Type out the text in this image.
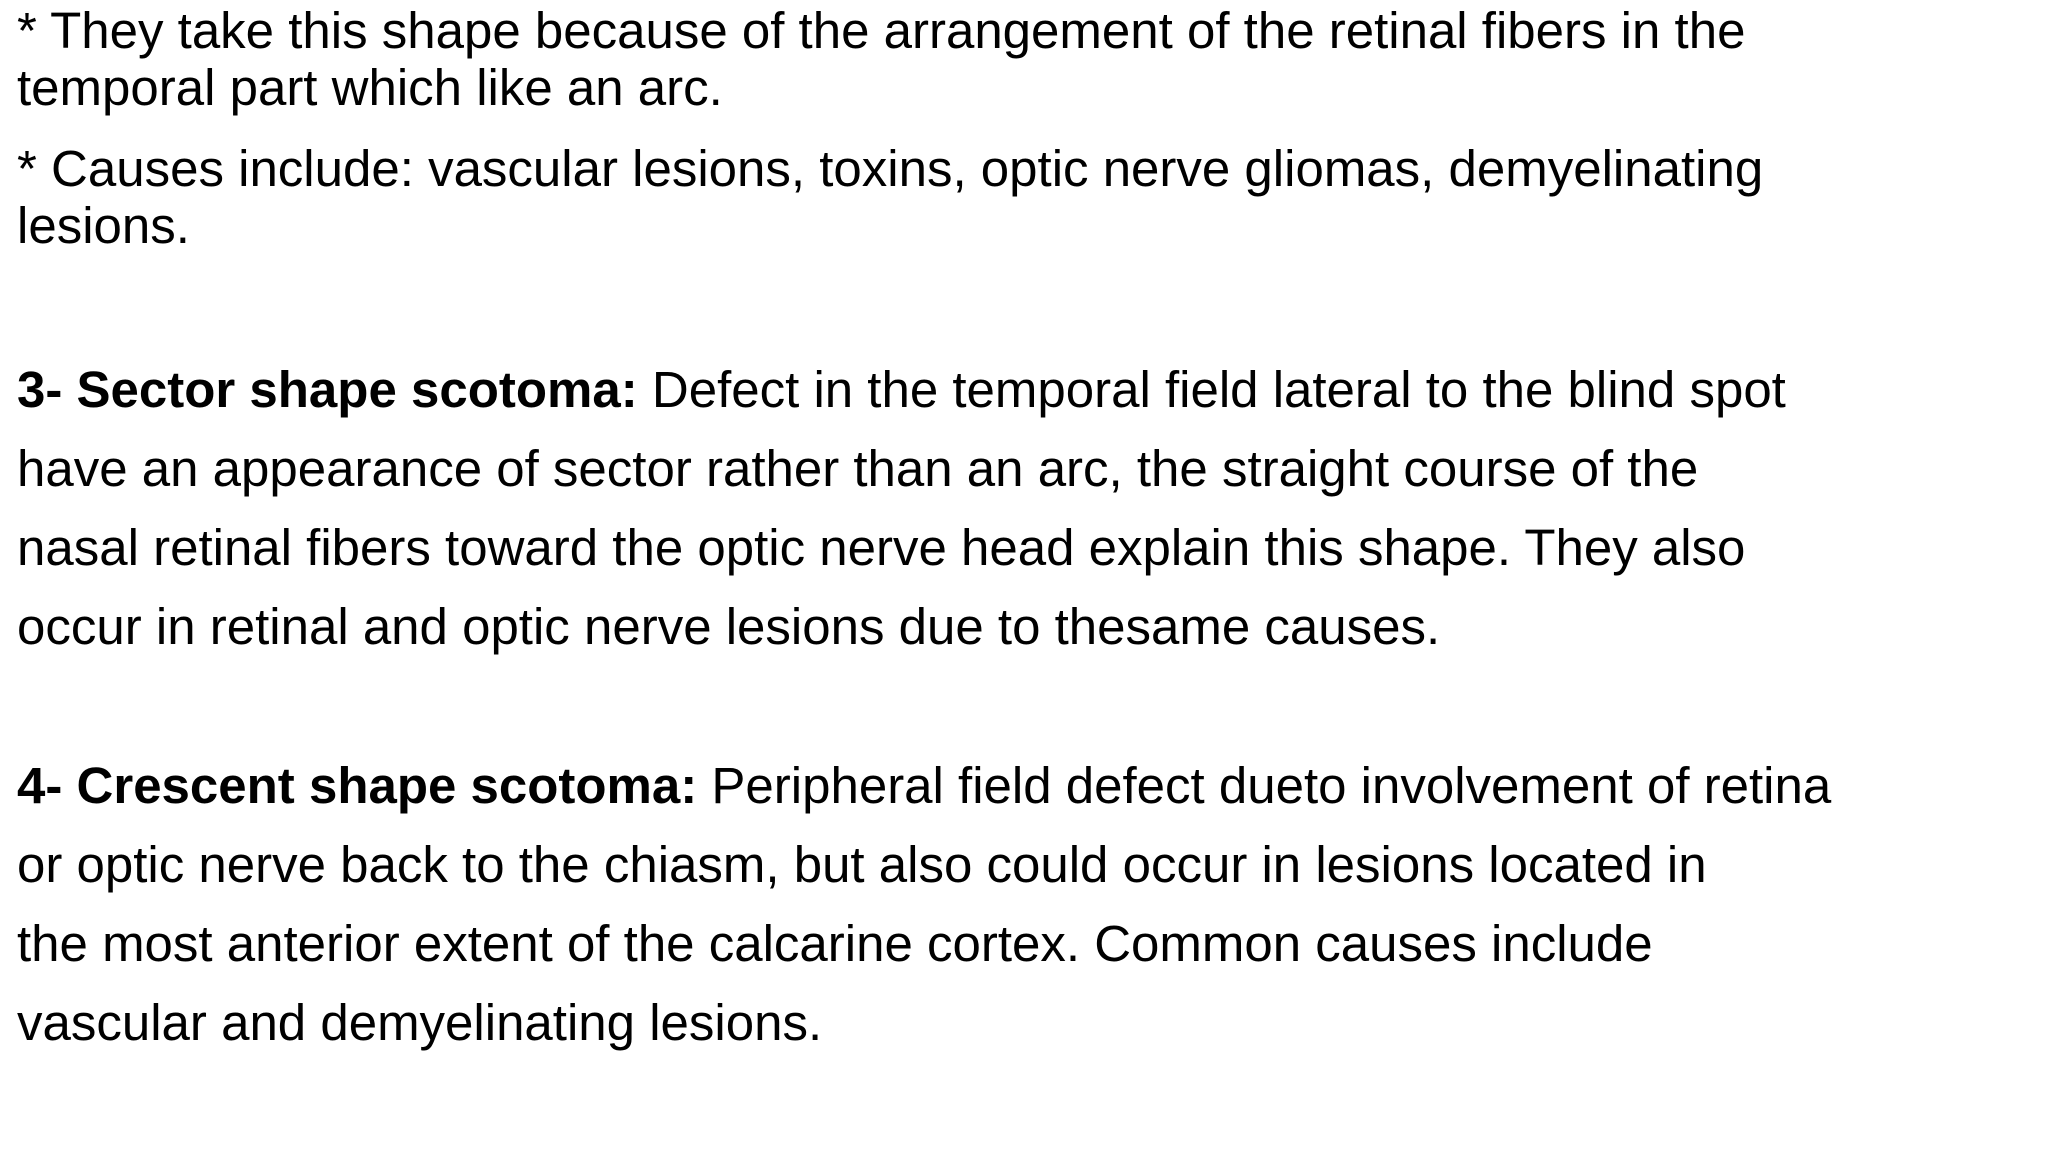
* They take this shape because of the arrangement of the retinal fibers in the
temporal part which like an arc.
* Causes include: vascular lesions, toxins, optic nerve gliomas, demyelinating
lesions.
3- Sector shape scotoma: Defect in the temporal field lateral to the blind spot
have an appearance of sector rather than an arc, the straight course of the
nasal retinal fibers toward the optic nerve head explain this shape. They also
occur in retinal and optic nerve lesions due to thesame causes.
4- Crescent shape scotoma: Peripheral field defect dueto involvement of retina
or optic nerve back to the chiasm, but also could occur in lesions located in
the most anterior extent of the calcarine cortex. Common causes include
vascular and demyelinating lesions.
